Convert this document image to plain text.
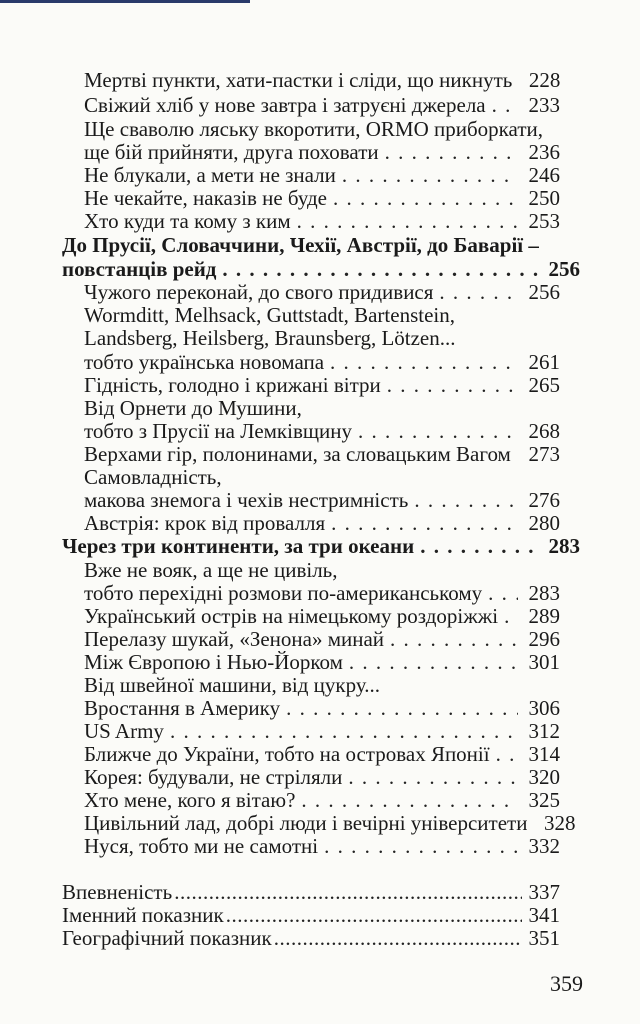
Мертві пункти, хати-пастки і сліди, що никнуть 228
Свіжий хліб у нове завтра і затруєні джерела . . . 233
Ще сваволю ляську вкоротити, ORMO приборкати,
ще бій прийняти, друга поховати . . .	236
Не блукали, а мети не знали . . .	246
Не чекайте, наказів не буде . . .	250
Хто куди та кому з ким . . .	253
До Прусії, Словаччини, Чехії, Австрії, до Баварії –
повстанців рейд . . .	256
Чужого переконай, до свого придивися . . .	256
Wormditt, Melhsack, Guttstadt, Bartenstein,
Landsberg, Heilsberg, Braunsberg, Lötzen...
тобто українська новомапа . . .	261
Гідність, голодно і крижані вітри . . .	265
Від Орнети до Мушини,
тобто з Прусії на Лемківщину . . .	268
Верхами гір, полонинами, за словацьким Вагом . . . 273
Самовладність,
макова знемога і чехів нестримність . . .	276
Австрія: крок від провалля . . .	280
Через три континенти, за три океани . . .	283
Вже не вояк, а ще не цивіль,
тобто перехідні розмови по-американському . . . 283
Український острів на німецькому роздоріжжі . . . 289
Перелазу шукай, «Зенона» минай . . .	296
Між Європою і Нью-Йорком . . .	301
Від швейної машини, від цукру...
Вростання в Америку . . .	306
US Army . . .	312
Ближче до України, тобто на островах Японії . . . 314
Корея: будували, не стріляли . . .	320
Хто мене, кого я вітаю? . . .	325
Цивільний лад, добрі люди і вечірні університети 328
Нуся, тобто ми не самотні . . .	332
Впевненість .....	337
Іменний показник .....	341
Географічний показник .....	351
359
